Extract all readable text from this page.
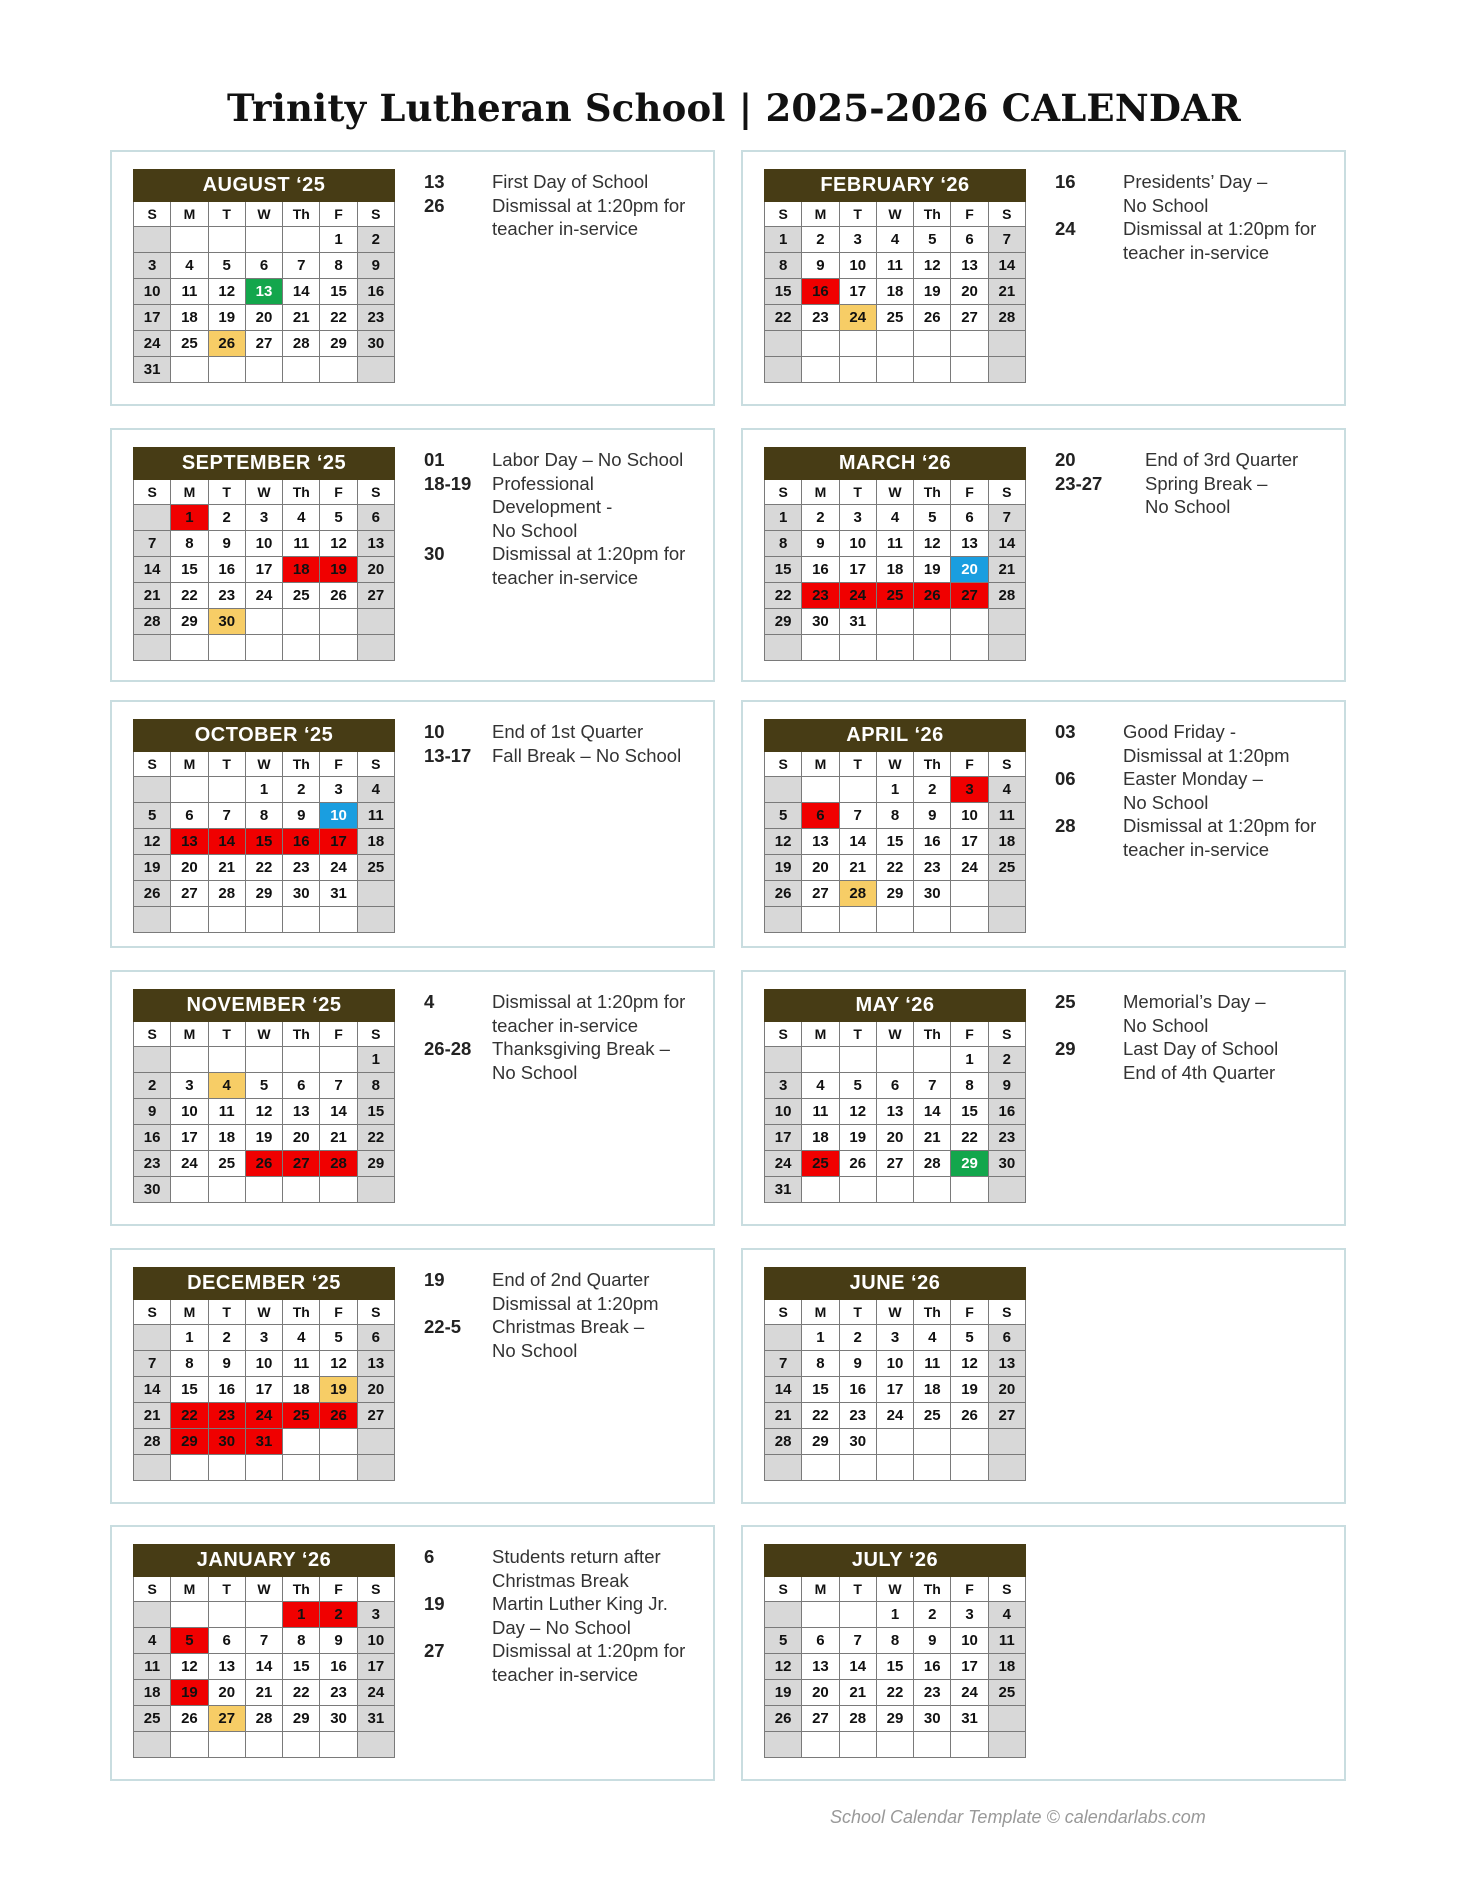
Trinity Lutheran School | 2025-2026 CALENDAR
AUGUST ‘25						
S	M	T	W	Th	F	S
					1	2
3	4	5	6	7	8	9
10	11	12	13	14	15	16
17	18	19	20	21	22	23
24	25	26	27	28	29	30
31						
13	First Day of School
26	Dismissal at 1:20pm for
teacher in-service
FEBRUARY ‘26						
S	M	T	W	Th	F	S
1	2	3	4	5	6	7
8	9	10	11	12	13	14
15	16	17	18	19	20	21
22	23	24	25	26	27	28

16	Presidents’ Day –
No School
24	Dismissal at 1:20pm for
teacher in-service
SEPTEMBER ‘25						
S	M	T	W	Th	F	S
	1	2	3	4	5	6
7	8	9	10	11	12	13
14	15	16	17	18	19	20
21	22	23	24	25	26	27
28	29	30				

01	Labor Day – No School
18-19	Professional
Development -
No School
30	Dismissal at 1:20pm for
teacher in-service
MARCH ‘26						
S	M	T	W	Th	F	S
1	2	3	4	5	6	7
8	9	10	11	12	13	14
15	16	17	18	19	20	21
22	23	24	25	26	27	28
29	30	31				

20	End of 3rd Quarter
23-27	Spring Break –
No School
OCTOBER ‘25						
S	M	T	W	Th	F	S
			1	2	3	4
5	6	7	8	9	10	11
12	13	14	15	16	17	18
19	20	21	22	23	24	25
26	27	28	29	30	31	

10	End of 1st Quarter
13-17	Fall Break – No School
APRIL ‘26						
S	M	T	W	Th	F	S
			1	2	3	4
5	6	7	8	9	10	11
12	13	14	15	16	17	18
19	20	21	22	23	24	25
26	27	28	29	30		

03	Good Friday -
Dismissal at 1:20pm
06	Easter Monday –
No School
28	Dismissal at 1:20pm for
teacher in-service
NOVEMBER ‘25						
S	M	T	W	Th	F	S
						1
2	3	4	5	6	7	8
9	10	11	12	13	14	15
16	17	18	19	20	21	22
23	24	25	26	27	28	29
30						
4	Dismissal at 1:20pm for
teacher in-service
26-28	Thanksgiving Break –
No School
MAY ‘26						
S	M	T	W	Th	F	S
					1	2
3	4	5	6	7	8	9
10	11	12	13	14	15	16
17	18	19	20	21	22	23
24	25	26	27	28	29	30
31						
25	Memorial’s Day –
No School
29	Last Day of School
End of 4th Quarter
DECEMBER ‘25						
S	M	T	W	Th	F	S
	1	2	3	4	5	6
7	8	9	10	11	12	13
14	15	16	17	18	19	20
21	22	23	24	25	26	27
28	29	30	31			

19	End of 2nd Quarter
Dismissal at 1:20pm
22-5	Christmas Break –
No School
JUNE ‘26						
S	M	T	W	Th	F	S
	1	2	3	4	5	6
7	8	9	10	11	12	13
14	15	16	17	18	19	20
21	22	23	24	25	26	27
28	29	30				

JANUARY ‘26						
S	M	T	W	Th	F	S
				1	2	3
4	5	6	7	8	9	10
11	12	13	14	15	16	17
18	19	20	21	22	23	24
25	26	27	28	29	30	31

6	Students return after
Christmas Break
19	Martin Luther King Jr.
Day – No School
27	Dismissal at 1:20pm for
teacher in-service
JULY ‘26						
S	M	T	W	Th	F	S
			1	2	3	4
5	6	7	8	9	10	11
12	13	14	15	16	17	18
19	20	21	22	23	24	25
26	27	28	29	30	31	

School Calendar Template © calendarlabs.com
